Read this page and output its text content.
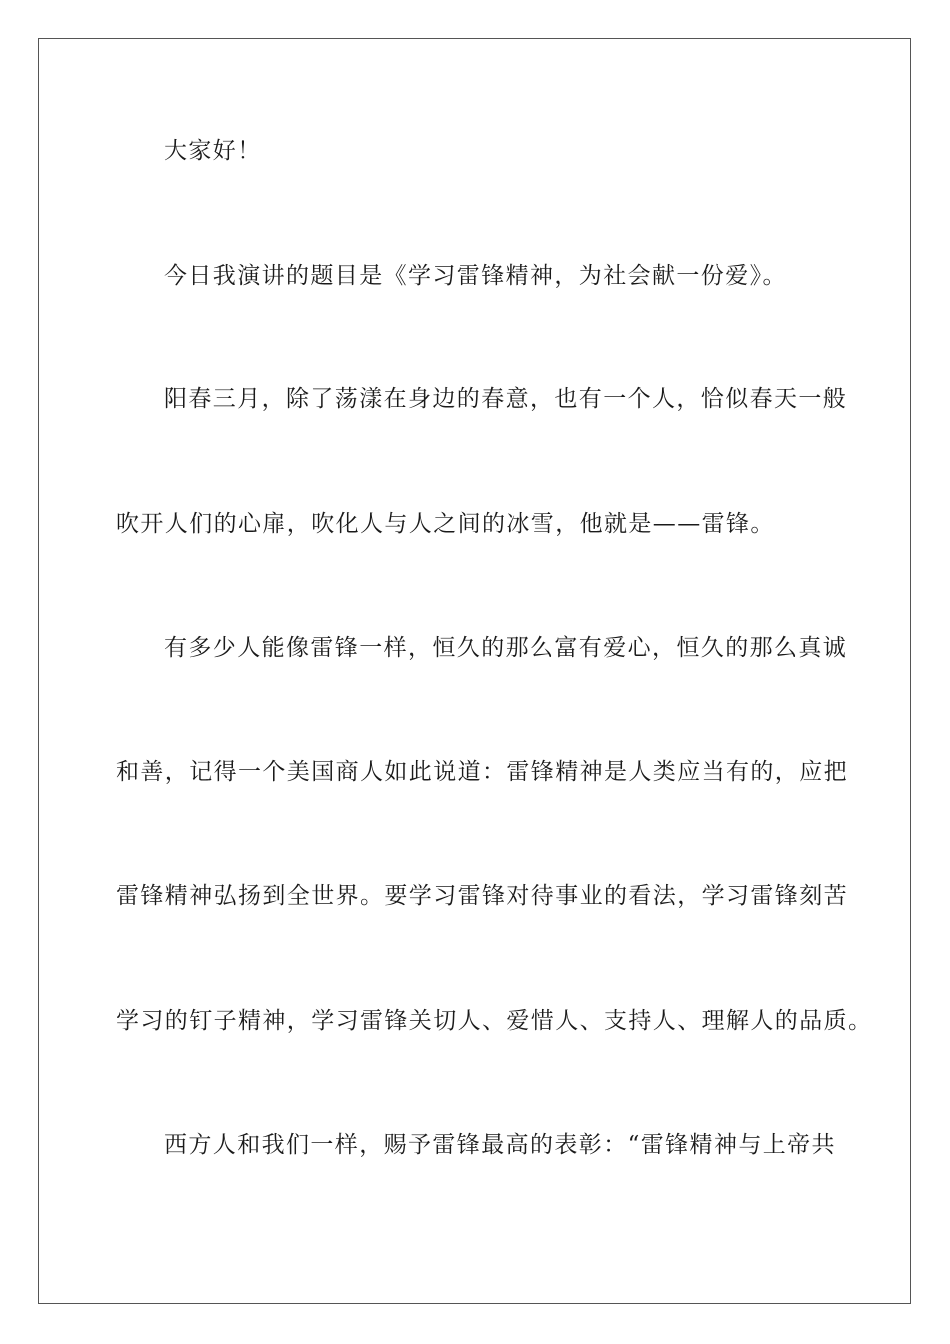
大家好！
今日我演讲的题目是《学习雷锋精神，为社会献一份爱》。
阳春三月，除了荡漾在身边的春意，也有一个人，恰似春天一般
吹开人们的心扉，吹化人与人之间的冰雪，他就是——雷锋。
有多少人能像雷锋一样，恒久的那么富有爱心，恒久的那么真诚
和善，记得一个美国商人如此说道：雷锋精神是人类应当有的，应把
雷锋精神弘扬到全世界。要学习雷锋对待事业的看法，学习雷锋刻苦
学习的钉子精神，学习雷锋关切人、爱惜人、支持人、理解人的品质。
西方人和我们一样，赐予雷锋最高的表彰：“雷锋精神与上帝共
